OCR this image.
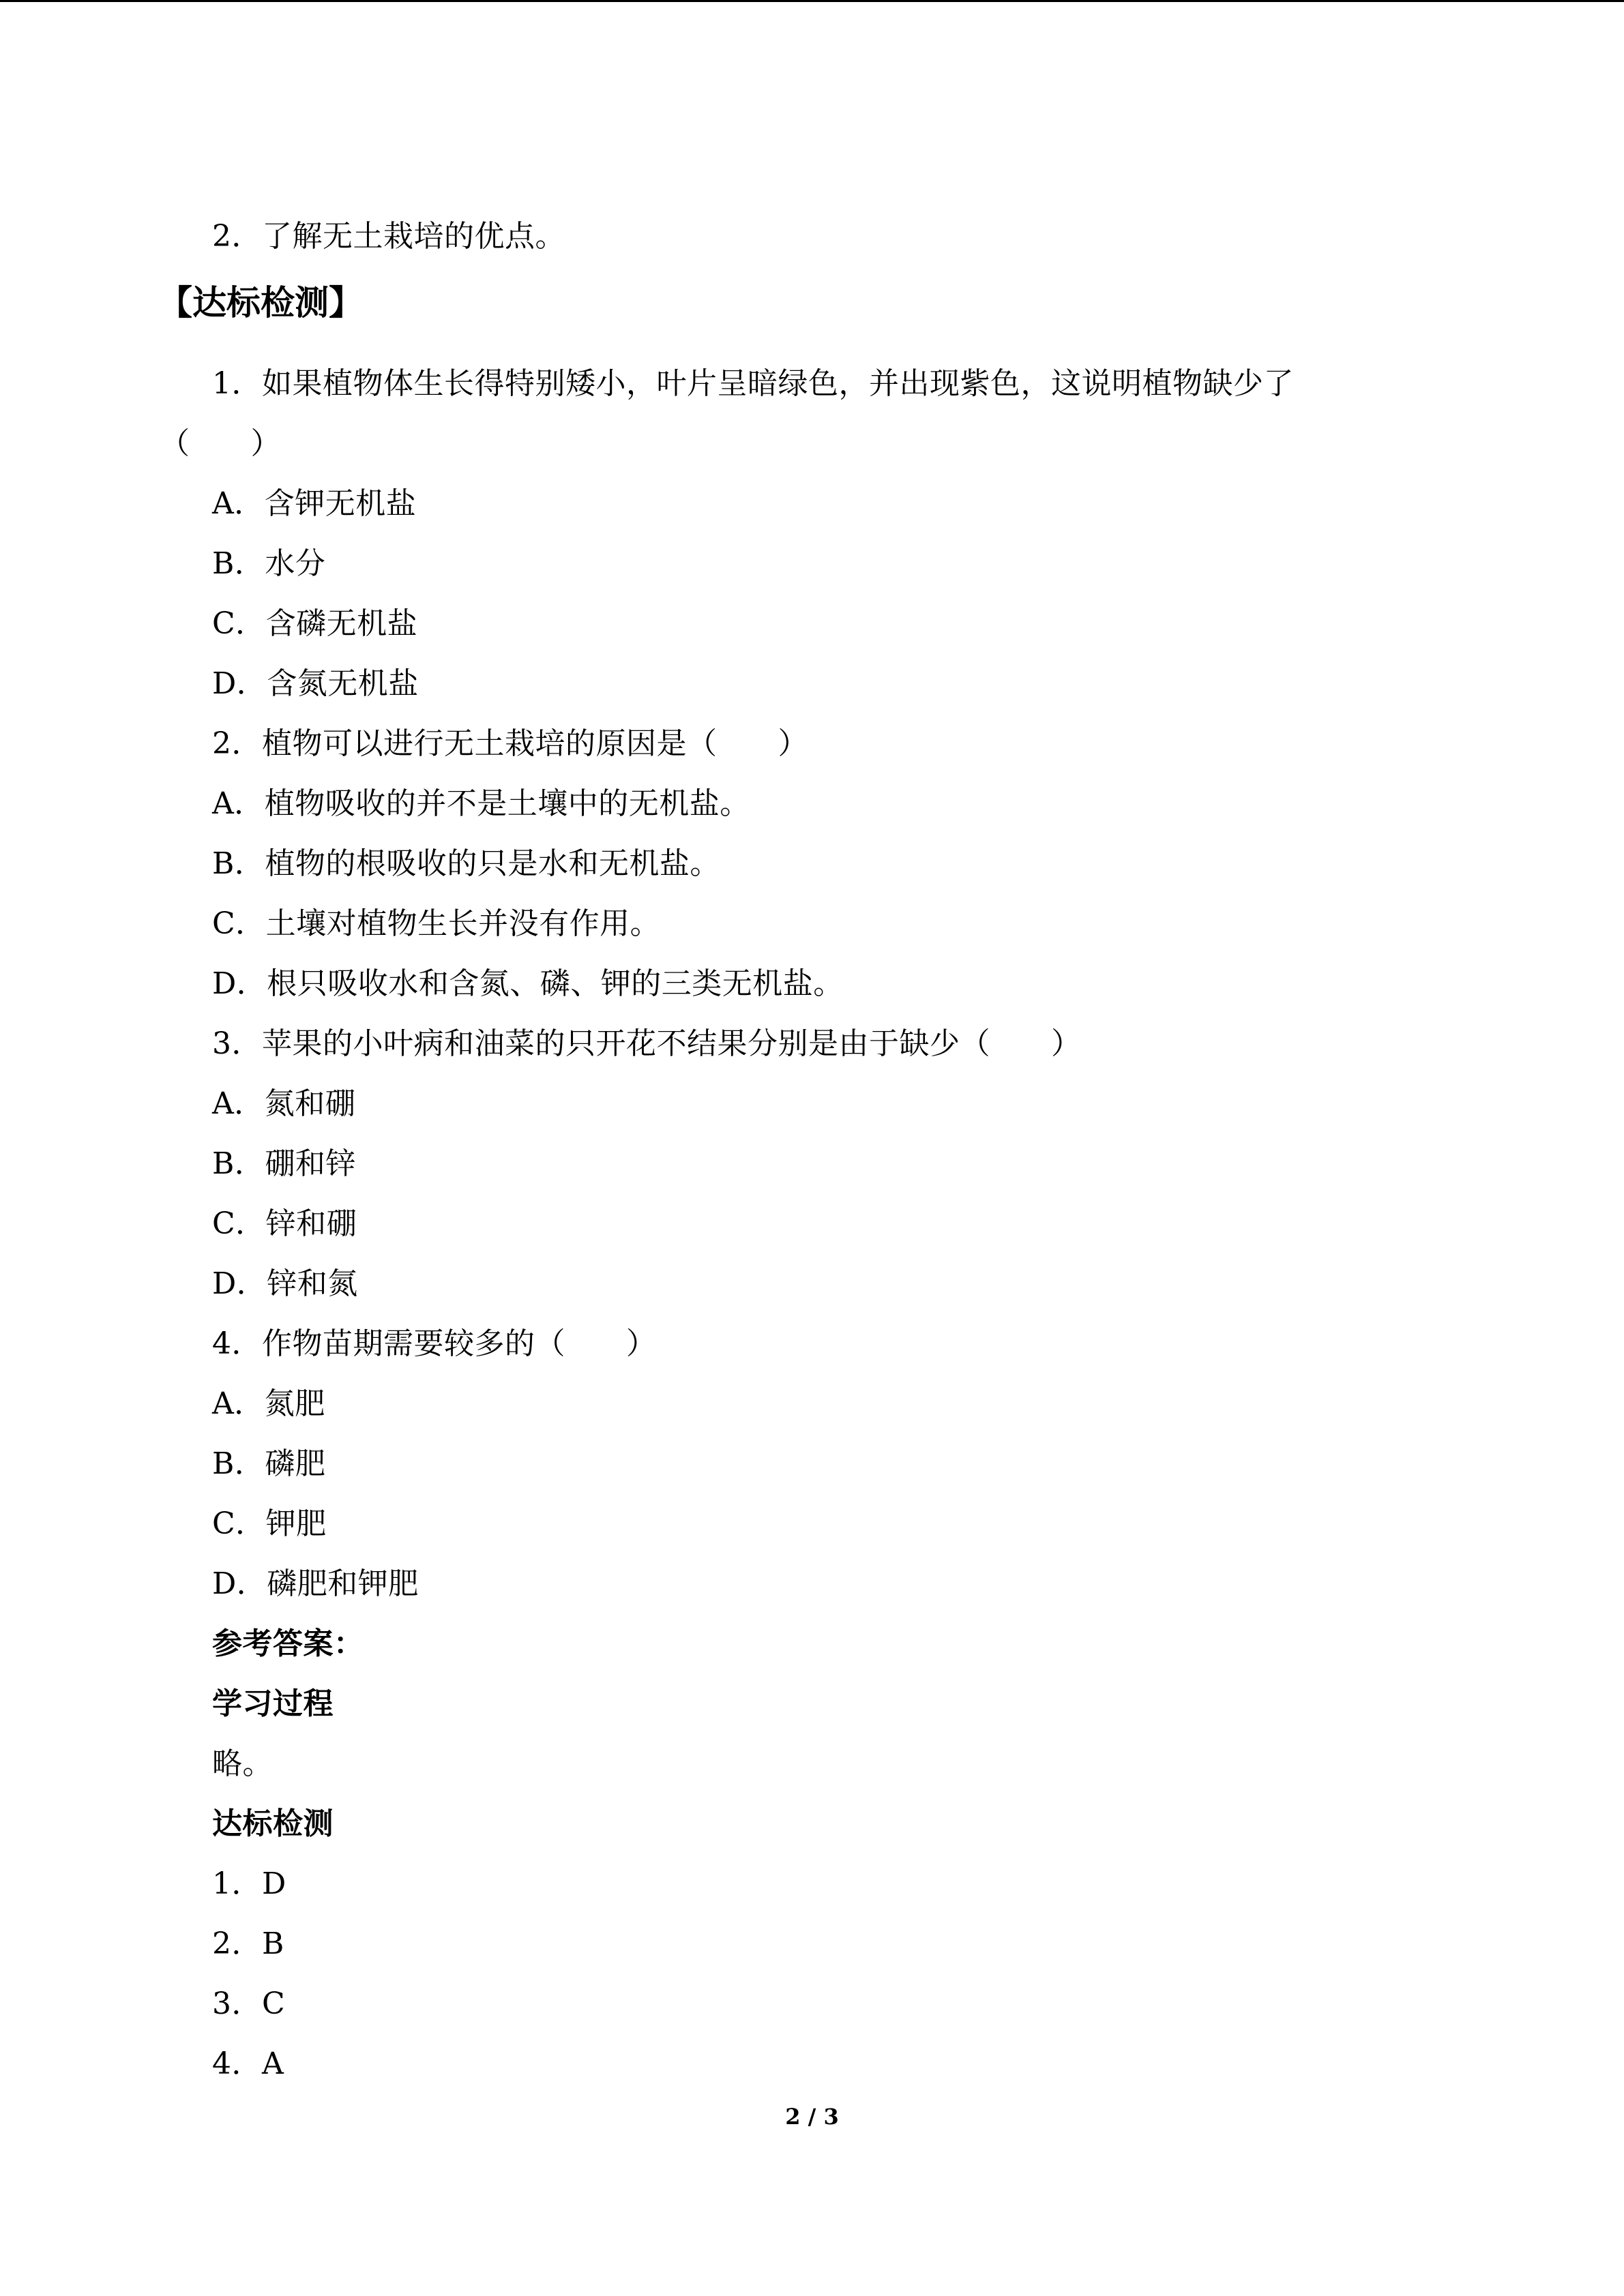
2．了解无土栽培的优点。
【达标检测】
1．如果植物体生长得特别矮小，叶片呈暗绿色，并出现紫色，这说明植物缺少了
（　　）
A．含钾无机盐
B．水分
C．含磷无机盐
D．含氮无机盐
2．植物可以进行无土栽培的原因是（　　）
A．植物吸收的并不是土壤中的无机盐。
B．植物的根吸收的只是水和无机盐。
C．土壤对植物生长并没有作用。
D．根只吸收水和含氮、磷、钾的三类无机盐。
3．苹果的小叶病和油菜的只开花不结果分别是由于缺少（　　）
A．氮和硼
B．硼和锌
C．锌和硼
D．锌和氮
4．作物苗期需要较多的（　　）
A．氮肥
B．磷肥
C．钾肥
D．磷肥和钾肥
参考答案：
学习过程
略。
达标检测
1．D
2．B
3．C
4．A
2 / 3
